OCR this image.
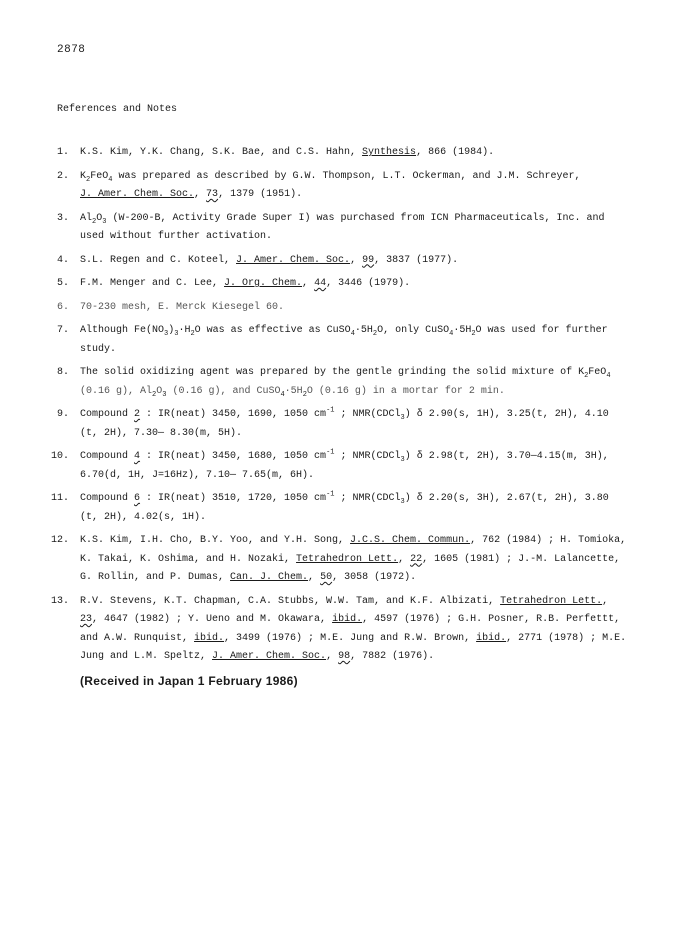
2878
References and Notes
1.	K.S. Kim, Y.K. Chang, S.K. Bae, and C.S. Hahn, Synthesis, 866 (1984).
2.	$K_2FeO_4$ was prepared as described by G.W. Thompson, L.T. Ockerman, and J.M. Schreyer,
J. Amer. Chem. Soc., 73, 1379 (1951).
3.	$Al_2O_3$ (W-200-B, Activity Grade Super I) was purchased from ICN Pharmaceuticals, Inc. and used without further activation.
4.	S.L. Regen and C. Koteel, J. Amer. Chem. Soc., 99, 3837 (1977).
5.	F.M. Menger and C. Lee, J. Org. Chem., 44, 3446 (1979).
6.	70-230 mesh, E. Merck Kiesegel 60.
7.	Although $Fe(NO_3)_3\cdot H_2O$ was as effective as $CuSO_4\cdot 5H_2O$, only $CuSO_4\cdot 5H_2O$ was used for further study.
8.	The solid oxidizing agent was prepared by the gentle grinding the solid mixture of $K_2FeO_4$ (0.16 g), $Al_2O_3$ (0.16 g), and $CuSO_4\cdot 5H_2O$ (0.16 g) in a mortar for 2 min.
9.	Compound 2 : IR(neat) 3450, 1690, 1050 $cm^{-1}$ ; NMR(CDCl$_3$) δ 2.90(s, 1H), 3.25(t, 2H), 4.10 (t, 2H), 7.30— 8.30(m, 5H).
10.	Compound 4 : IR(neat) 3450, 1680, 1050 $cm^{-1}$ ; NMR(CDCl$_3$) δ 2.98(t, 2H), 3.70—4.15(m, 3H), 6.70(d, 1H, J=16Hz), 7.10— 7.65(m, 6H).
11.	Compound 6 : IR(neat) 3510, 1720, 1050 $cm^{-1}$ ; NMR(CDCl$_3$) δ 2.20(s, 3H), 2.67(t, 2H), 3.80 (t, 2H), 4.02(s, 1H).
12.	K.S. Kim, I.H. Cho, B.Y. Yoo, and Y.H. Song, J.C.S. Chem. Commun., 762 (1984) ; H. Tomioka, K. Takai, K. Oshima, and H. Nozaki, Tetrahedron Lett., 22, 1605 (1981) ; J.-M. Lalancette, G. Rollin, and P. Dumas, Can. J. Chem., 50, 3058 (1972).
13.	R.V. Stevens, K.T. Chapman, C.A. Stubbs, W.W. Tam, and K.F. Albizati, Tetrahedron Lett., 23, 4647 (1982) ; Y. Ueno and M. Okawara, ibid., 4597 (1976) ; G.H. Posner, R.B. Perfettt, and A.W. Runquist, ibid., 3499 (1976) ; M.E. Jung and R.W. Brown, ibid., 2771 (1978) ; M.E. Jung and L.M. Speltz, J. Amer. Chem. Soc., 98, 7882 (1976).
(Received in Japan 1 February 1986)
